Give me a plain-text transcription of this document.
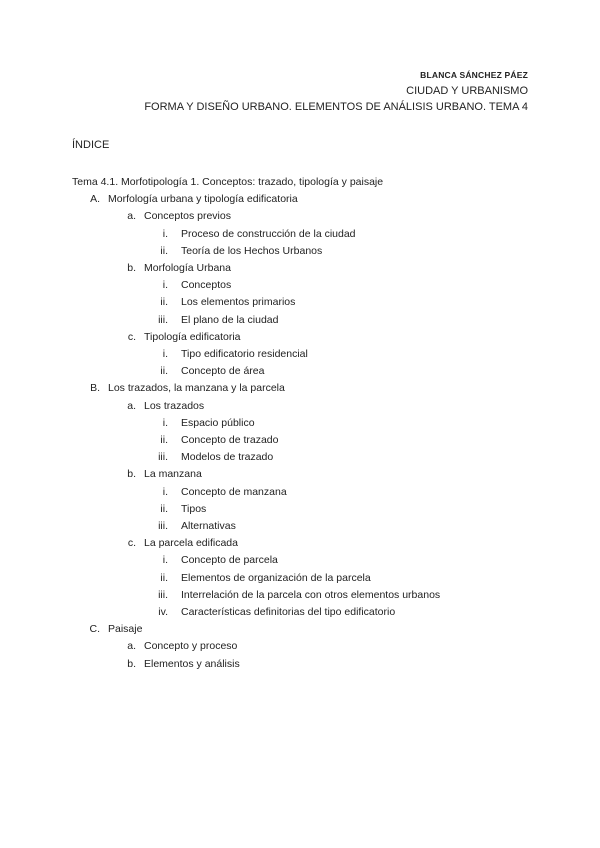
BLANCA SÁNCHEZ PÁEZ
CIUDAD Y URBANISMO
FORMA Y DISEÑO URBANO. ELEMENTOS DE ANÁLISIS URBANO. TEMA 4
ÍNDICE
Tema 4.1. Morfotipología 1. Conceptos: trazado, tipología y paisaje
A. Morfología urbana y tipología edificatoria
a. Conceptos previos
i. Proceso de construcción de la ciudad
ii. Teoría de los Hechos Urbanos
b. Morfología Urbana
i. Conceptos
ii. Los elementos primarios
iii. El plano de la ciudad
c. Tipología edificatoria
i. Tipo edificatorio residencial
ii. Concepto de área
B. Los trazados, la manzana y la parcela
a. Los trazados
i. Espacio público
ii. Concepto de trazado
iii. Modelos de trazado
b. La manzana
i. Concepto de manzana
ii. Tipos
iii. Alternativas
c. La parcela edificada
i. Concepto de parcela
ii. Elementos de organización de la parcela
iii. Interrelación de la parcela con otros elementos urbanos
iv. Características definitorias del tipo edificatorio
C. Paisaje
a. Concepto y proceso
b. Elementos y análisis
